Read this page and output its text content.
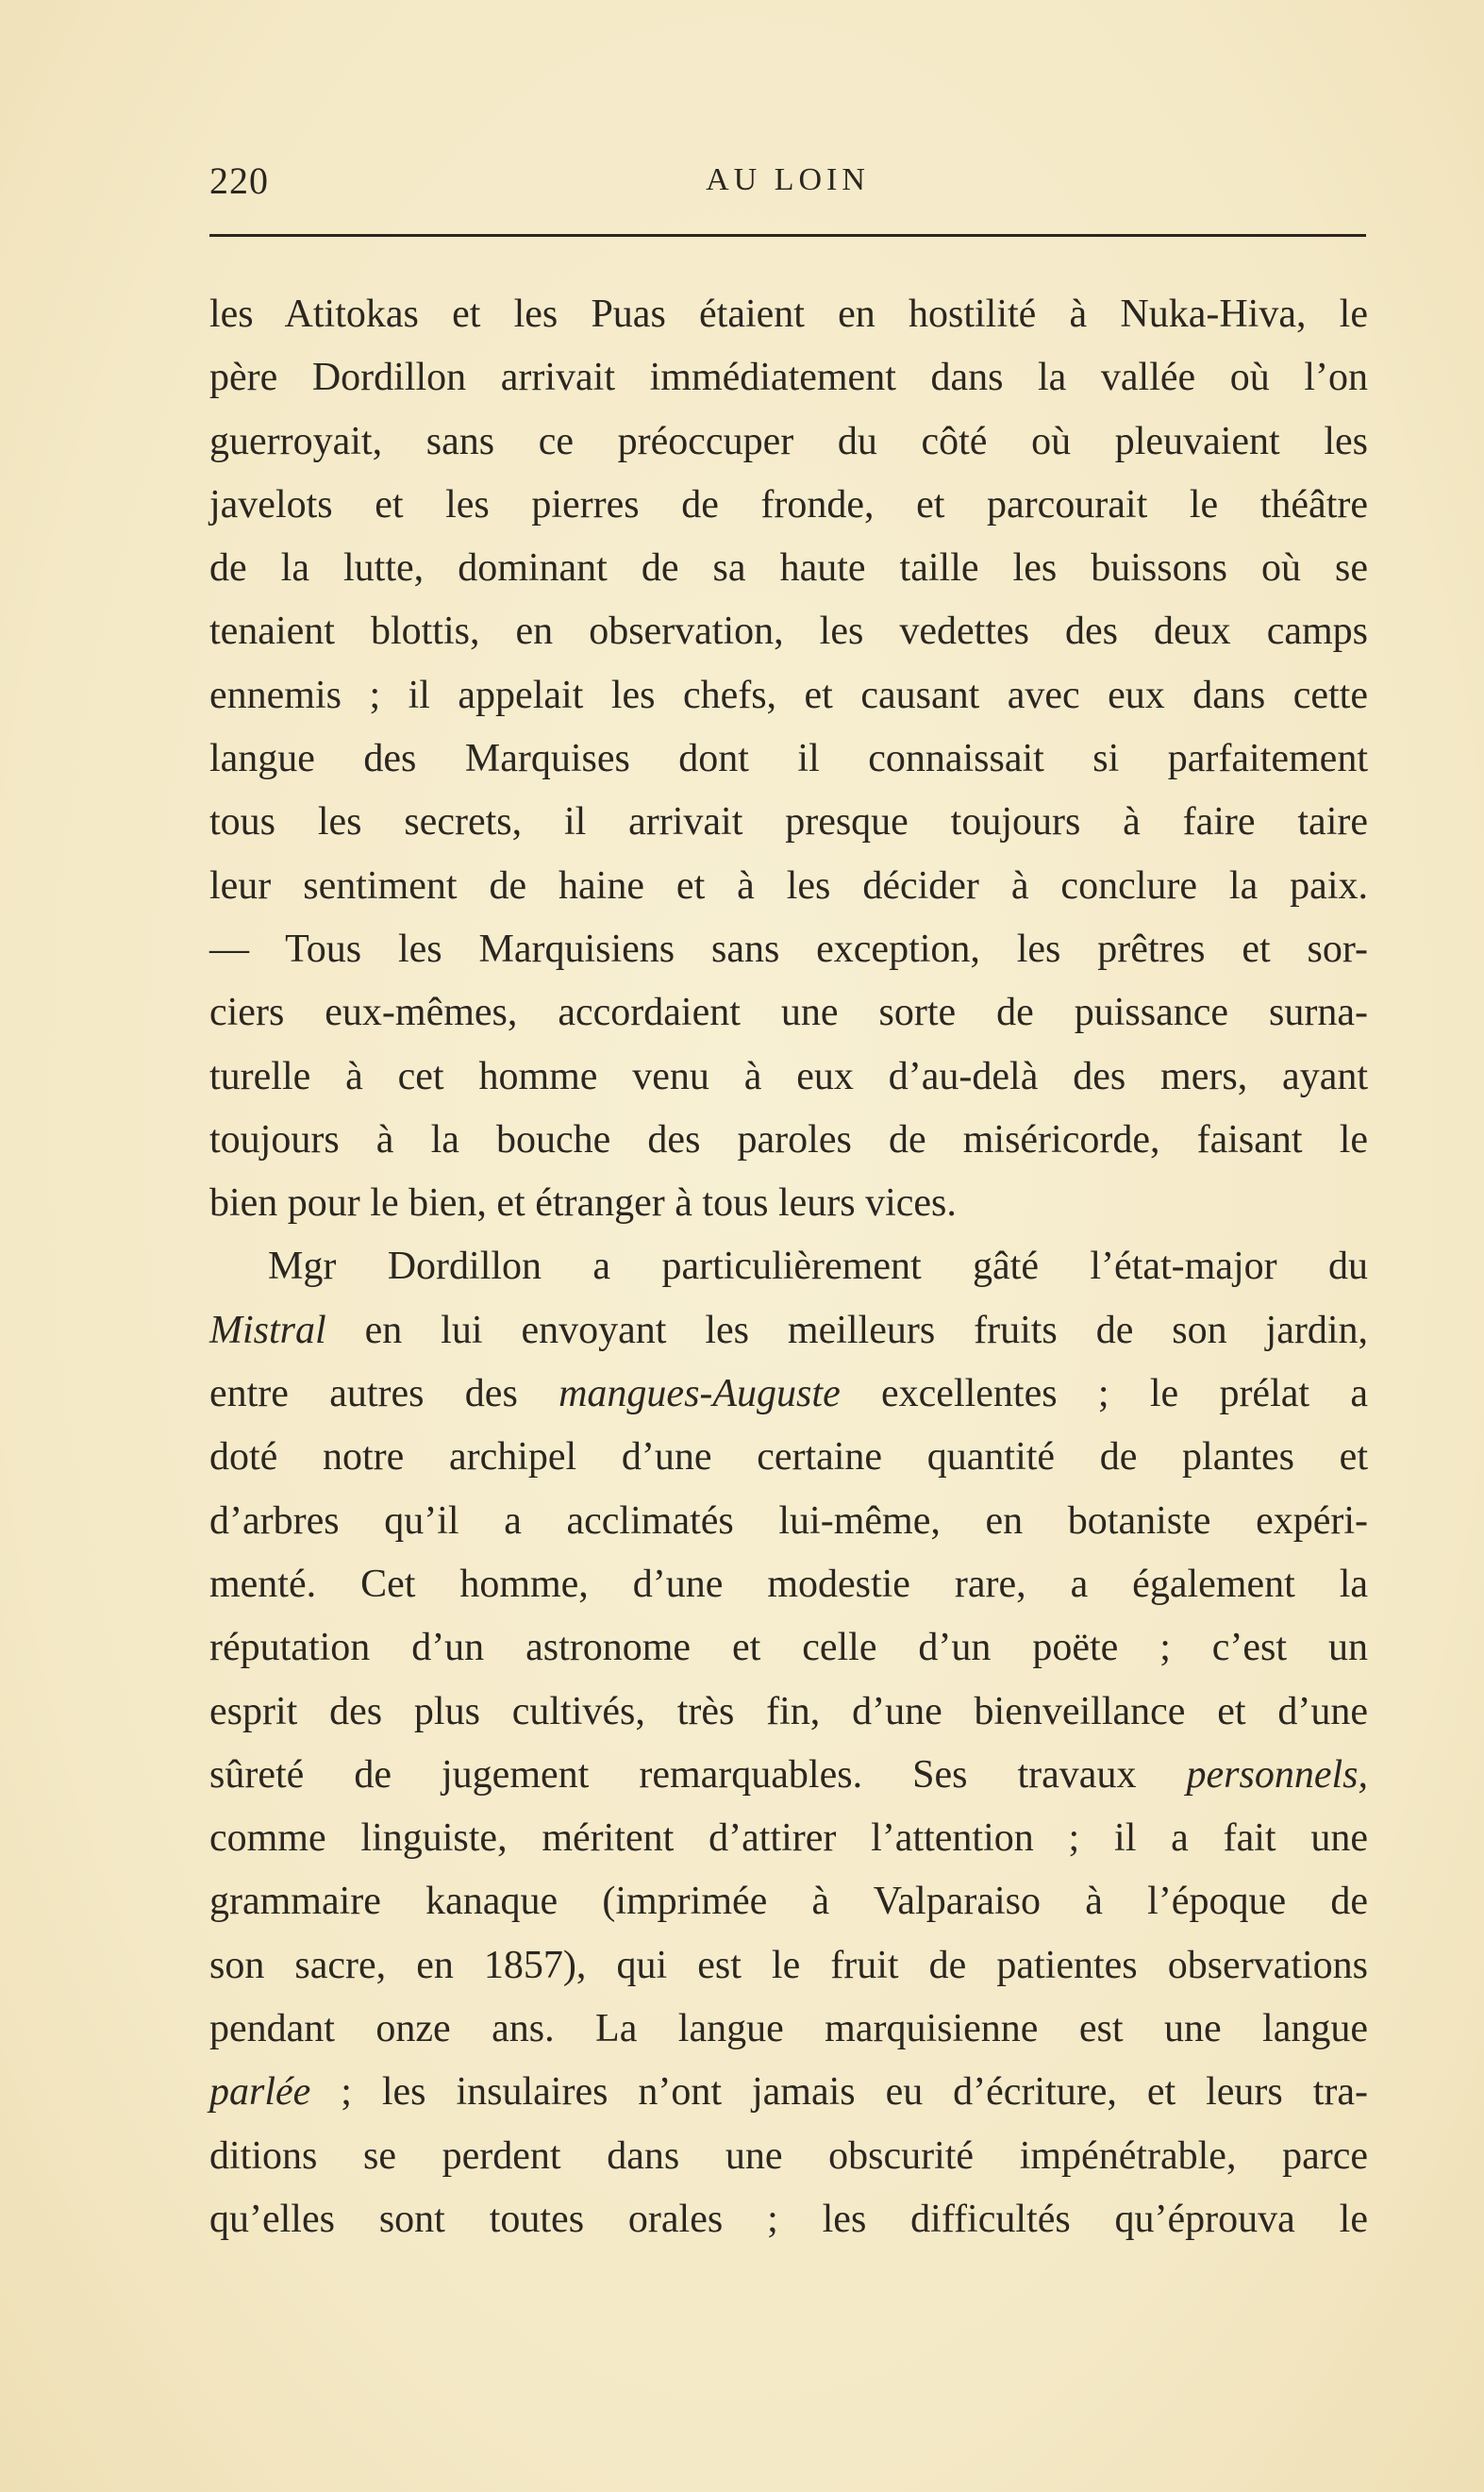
220	AU LOIN
les Atitokas et les Puas étaient en hostilité à Nuka-Hiva, le
père Dordillon arrivait immédiatement dans la vallée où l’on
guerroyait, sans ce préoccuper du côté où pleuvaient les
javelots et les pierres de fronde, et parcourait le théâtre
de la lutte, dominant de sa haute taille les buissons où se
tenaient blottis, en observation, les vedettes des deux camps
ennemis ; il appelait les chefs, et causant avec eux dans cette
langue des Marquises dont il connaissait si parfaitement
tous les secrets, il arrivait presque toujours à faire taire
leur sentiment de haine et à les décider à conclure la paix.
— Tous les Marquisiens sans exception, les prêtres et sor-
ciers eux-mêmes, accordaient une sorte de puissance surna-
turelle à cet homme venu à eux d’au-delà des mers, ayant
toujours à la bouche des paroles de miséricorde, faisant le
bien pour le bien, et étranger à tous leurs vices.
Mgr Dordillon a particulièrement gâté l’état-major du
Mistral en lui envoyant les meilleurs fruits de son jardin,
entre autres des mangues-Auguste excellentes ; le prélat a
doté notre archipel d’une certaine quantité de plantes et
d’arbres qu’il a acclimatés lui-même, en botaniste expéri-
menté. Cet homme, d’une modestie rare, a également la
réputation d’un astronome et celle d’un poëte ; c’est un
esprit des plus cultivés, très fin, d’une bienveillance et d’une
sûreté de jugement remarquables. Ses travaux personnels,
comme linguiste, méritent d’attirer l’attention ; il a fait une
grammaire kanaque (imprimée à Valparaiso à l’époque de
son sacre, en 1857), qui est le fruit de patientes observations
pendant onze ans. La langue marquisienne est une langue
parlée ; les insulaires n’ont jamais eu d’écriture, et leurs tra-
ditions se perdent dans une obscurité impénétrable, parce
qu’elles sont toutes orales ; les difficultés qu’éprouva le
